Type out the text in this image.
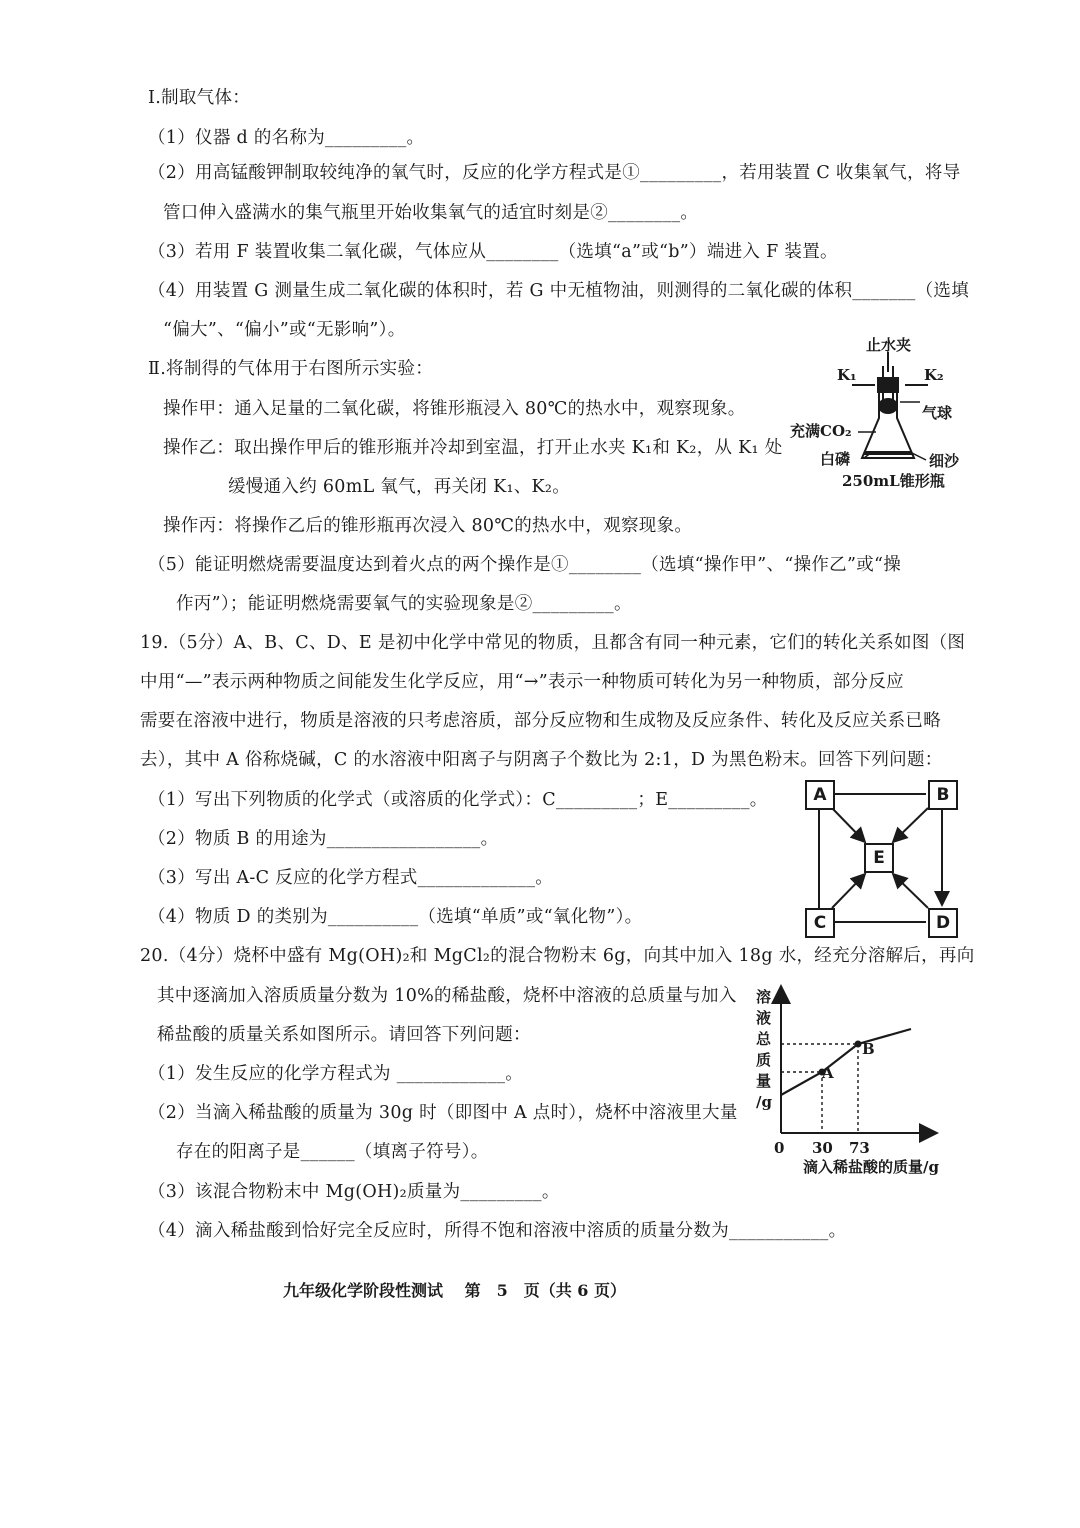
Ⅰ.制取气体：
（1）仪器 d 的名称为_________。
（2）用高锰酸钾制取较纯净的氧气时，反应的化学方程式是①_________，若用装置 C 收集氧气，将导
管口伸入盛满水的集气瓶里开始收集氧气的适宜时刻是②________。
（3）若用 F 装置收集二氧化碳，气体应从________（选填“a”或“b”）端进入 F 装置。
（4）用装置 G 测量生成二氧化碳的体积时，若 G 中无植物油，则测得的二氧化碳的体积_______（选填
“偏大”、“偏小”或“无影响”）。
Ⅱ.将制得的气体用于右图所示实验：
操作甲：通入足量的二氧化碳，将锥形瓶浸入 80℃的热水中，观察现象。
操作乙：取出操作甲后的锥形瓶并冷却到室温，打开止水夹 K₁和 K₂，从 K₁ 处
缓慢通入约 60mL 氧气，再关闭 K₁、K₂。
操作丙：将操作乙后的锥形瓶再次浸入 80℃的热水中，观察现象。
（5）能证明燃烧需要温度达到着火点的两个操作是①________（选填“操作甲”、“操作乙”或“操
作丙”）；能证明燃烧需要氧气的实验现象是②_________。
19.（5分）A、B、C、D、E 是初中化学中常见的物质，且都含有同一种元素，它们的转化关系如图（图
中用“—”表示两种物质之间能发生化学反应，用“→”表示一种物质可转化为另一种物质，部分反应
需要在溶液中进行，物质是溶液的只考虑溶质，部分反应物和生成物及反应条件、转化及反应关系已略
去），其中 A 俗称烧碱，C 的水溶液中阳离子与阴离子个数比为 2:1，D 为黑色粉末。回答下列问题：
（1）写出下列物质的化学式（或溶质的化学式）：C_________；E_________。
（2）物质 B 的用途为_________________。
（3）写出 A-C 反应的化学方程式_____________。
（4）物质 D 的类别为__________（选填“单质”或“氧化物”）。
20.（4分）烧杯中盛有 Mg(OH)₂和 MgCl₂的混合物粉末 6g，向其中加入 18g 水，经充分溶解后，再向
其中逐滴加入溶质质量分数为 10%的稀盐酸，烧杯中溶液的总质量与加入
稀盐酸的质量关系如图所示。请回答下列问题：
（1）发生反应的化学方程式为 ____________。
（2）当滴入稀盐酸的质量为 30g 时（即图中 A 点时），烧杯中溶液里大量
存在的阳离子是______（填离子符号）。
（3）该混合物粉末中 Mg(OH)₂质量为_________。
（4）滴入稀盐酸到恰好完全反应时，所得不饱和溶液中溶质的质量分数为___________。
止水夹
K₁	K₂
气球
充满CO₂
白磷	细沙
250mL锥形瓶
A	B
E
C	D
溶
液
总
质
量
/g
0 30 73
A
B
滴入稀盐酸的质量/g
九年级化学阶段性测试　 第　5　页（共 6 页）
